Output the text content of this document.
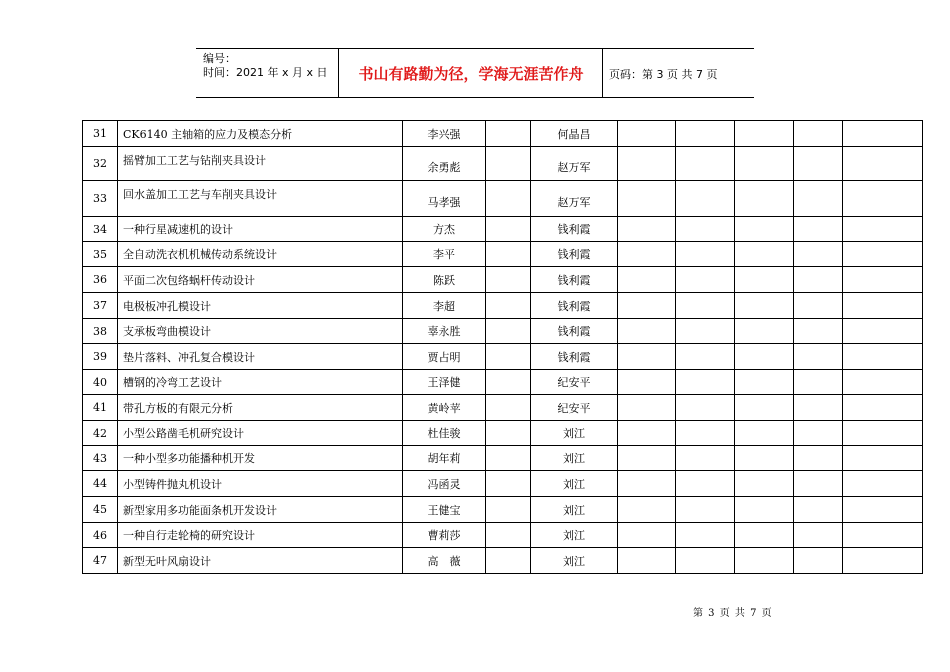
编号：
时间：2021 年 x 月 x 日	书山有路勤为径，学海无涯苦作舟	页码：第 3 页 共 7 页
31	CK6140 主轴箱的应力及模态分析	李兴强		何晶昌					
32	摇臂加工工艺与钻削夹具设计	余勇彪		赵万军					
33	回水盖加工工艺与车削夹具设计	马孝强		赵万军					
34	一种行星减速机的设计	方杰		钱利霞					
35	全自动洗衣机机械传动系统设计	李平		钱利霞					
36	平面二次包络蜗杆传动设计	陈跃		钱利霞					
37	电极板冲孔模设计	李超		钱利霞					
38	支承板弯曲模设计	辜永胜		钱利霞					
39	垫片落料、冲孔复合模设计	贾占明		钱利霞					
40	槽钢的冷弯工艺设计	王泽健		纪安平					
41	带孔方板的有限元分析	黄岭苹		纪安平					
42	小型公路凿毛机研究设计	杜佳骏		刘江					
43	一种小型多功能播种机开发	胡年莉		刘江					
44	小型铸件抛丸机设计	冯函灵		刘江					
45	新型家用多功能面条机开发设计	王健宝		刘江					
46	一种自行走轮椅的研究设计	曹莉莎		刘江					
47	新型无叶风扇设计	高　薇		刘江					
第 3 页 共 7 页
